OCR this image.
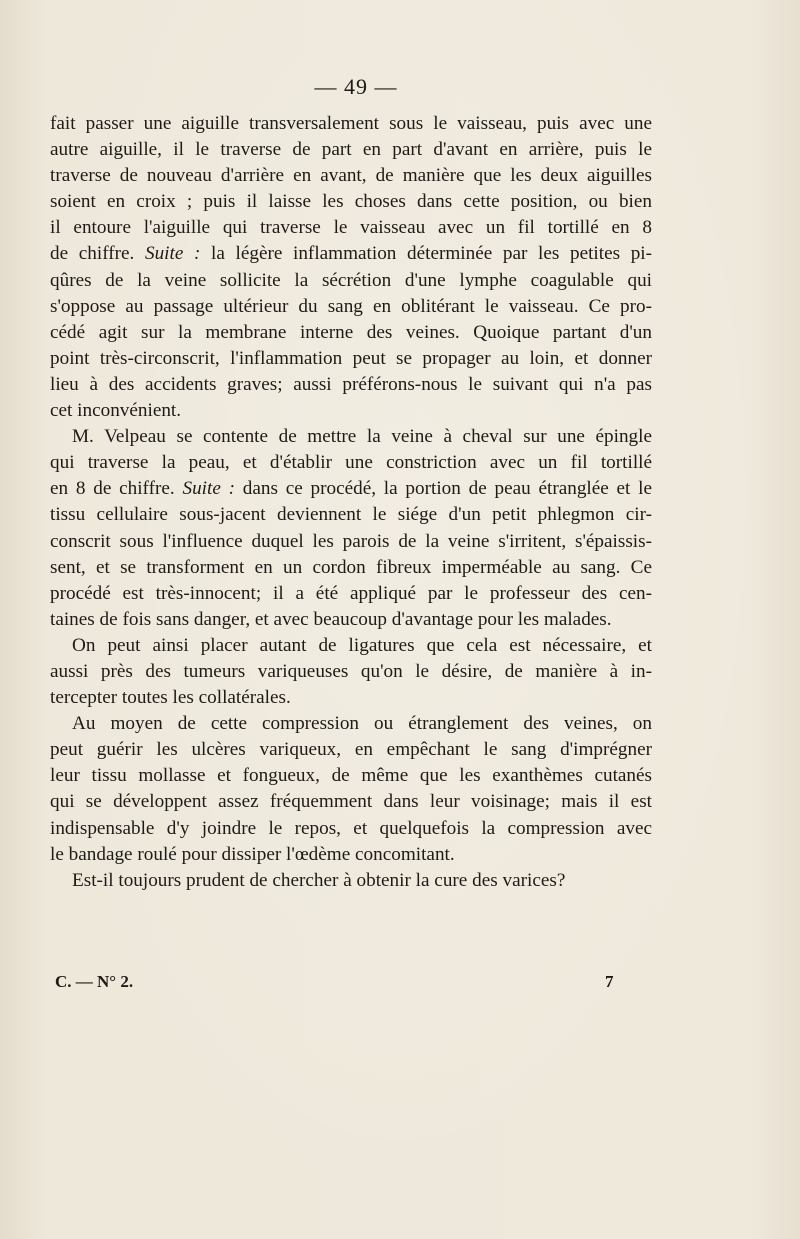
— 49 —
fait passer une aiguille transversalement sous le vaisseau, puis avec une
autre aiguille, il le traverse de part en part d'avant en arrière, puis le
traverse de nouveau d'arrière en avant, de manière que les deux aiguilles
soient en croix ; puis il laisse les choses dans cette position, ou bien
il entoure l'aiguille qui traverse le vaisseau avec un fil tortillé en 8
de chiffre. Suite : la légère inflammation déterminée par les petites pi-
qûres de la veine sollicite la sécrétion d'une lymphe coagulable qui
s'oppose au passage ultérieur du sang en oblitérant le vaisseau. Ce pro-
cédé agit sur la membrane interne des veines. Quoique partant d'un
point très-circonscrit, l'inflammation peut se propager au loin, et donner
lieu à des accidents graves; aussi préférons-nous le suivant qui n'a pas
cet inconvénient.
M. Velpeau se contente de mettre la veine à cheval sur une épingle
qui traverse la peau, et d'établir une constriction avec un fil tortillé
en 8 de chiffre. Suite : dans ce procédé, la portion de peau étranglée et le
tissu cellulaire sous-jacent deviennent le siége d'un petit phlegmon cir-
conscrit sous l'influence duquel les parois de la veine s'irritent, s'épaissis-
sent, et se transforment en un cordon fibreux imperméable au sang. Ce
procédé est très-innocent; il a été appliqué par le professeur des cen-
taines de fois sans danger, et avec beaucoup d'avantage pour les malades.
On peut ainsi placer autant de ligatures que cela est nécessaire, et
aussi près des tumeurs variqueuses qu'on le désire, de manière à in-
tercepter toutes les collatérales.
Au moyen de cette compression ou étranglement des veines, on
peut guérir les ulcères variqueux, en empêchant le sang d'imprégner
leur tissu mollasse et fongueux, de même que les exanthèmes cutanés
qui se développent assez fréquemment dans leur voisinage; mais il est
indispensable d'y joindre le repos, et quelquefois la compression avec
le bandage roulé pour dissiper l'œdème concomitant.
Est-il toujours prudent de chercher à obtenir la cure des varices?
C. — N° 2.	7
